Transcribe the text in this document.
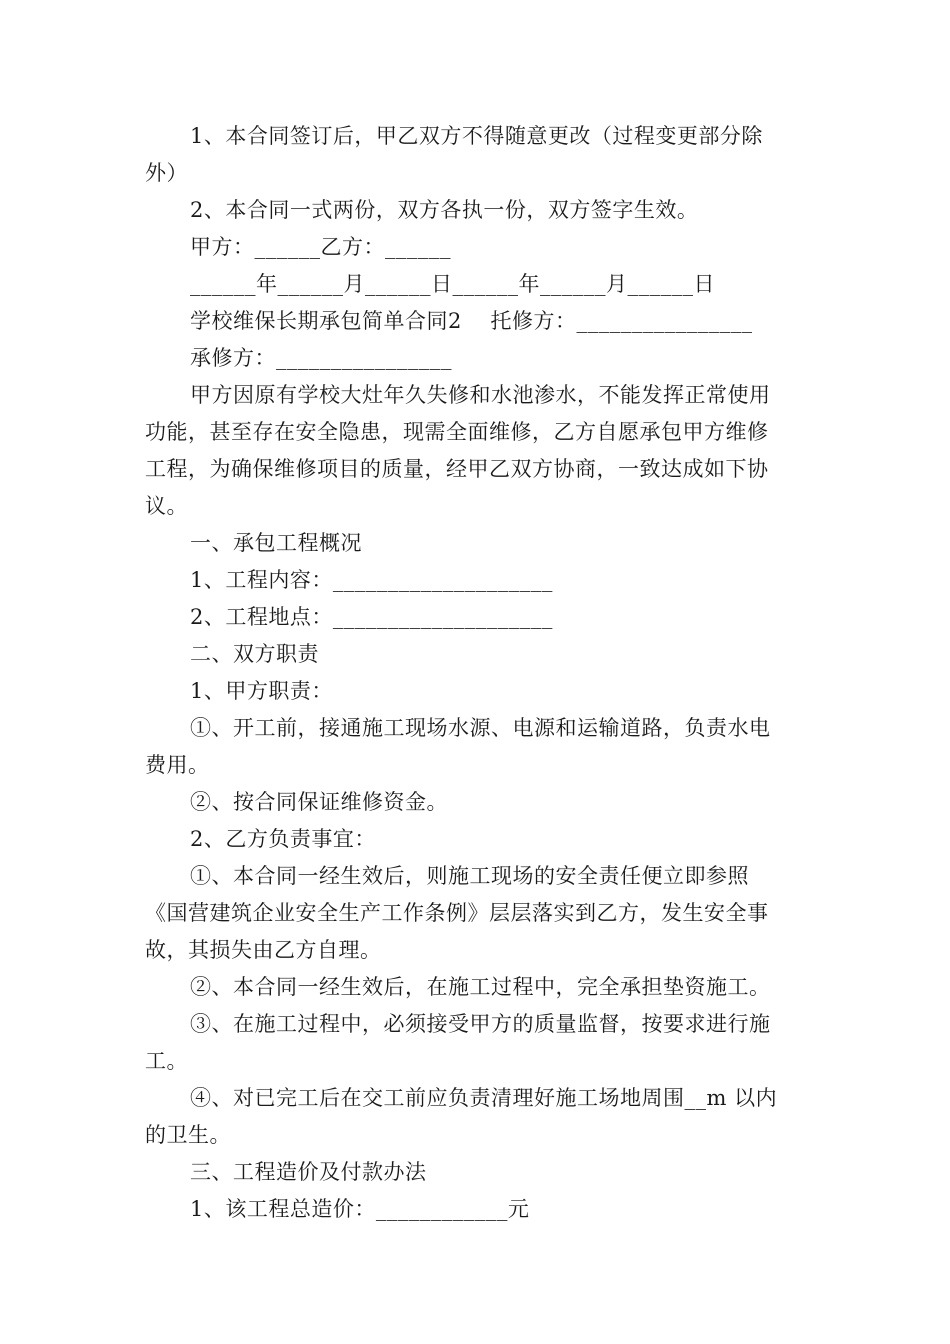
1、本合同签订后，甲乙双方不得随意更改（过程变更部分除
外）
2、本合同一式两份，双方各执一份，双方签字生效。
甲方：______乙方：______
______年______月______日______年______月______日
学校维保长期承包简单合同2    托修方：________________
承修方：________________
甲方因原有学校大灶年久失修和水池渗水，不能发挥正常使用
功能，甚至存在安全隐患，现需全面维修，乙方自愿承包甲方维修
工程，为确保维修项目的质量，经甲乙双方协商，一致达成如下协
议。
一、承包工程概况
1、工程内容：____________________
2、工程地点：____________________
二、双方职责
1、甲方职责：
①、开工前，接通施工现场水源、电源和运输道路，负责水电
费用。
②、按合同保证维修资金。
2、乙方负责事宜：
①、本合同一经生效后，则施工现场的安全责任便立即参照
《国营建筑企业安全生产工作条例》层层落实到乙方，发生安全事
故，其损失由乙方自理。
②、本合同一经生效后，在施工过程中，完全承担垫资施工。
③、在施工过程中，必须接受甲方的质量监督，按要求进行施
工。
④、对已完工后在交工前应负责清理好施工场地周围__m 以内
的卫生。
三、工程造价及付款办法
1、该工程总造价：____________元
